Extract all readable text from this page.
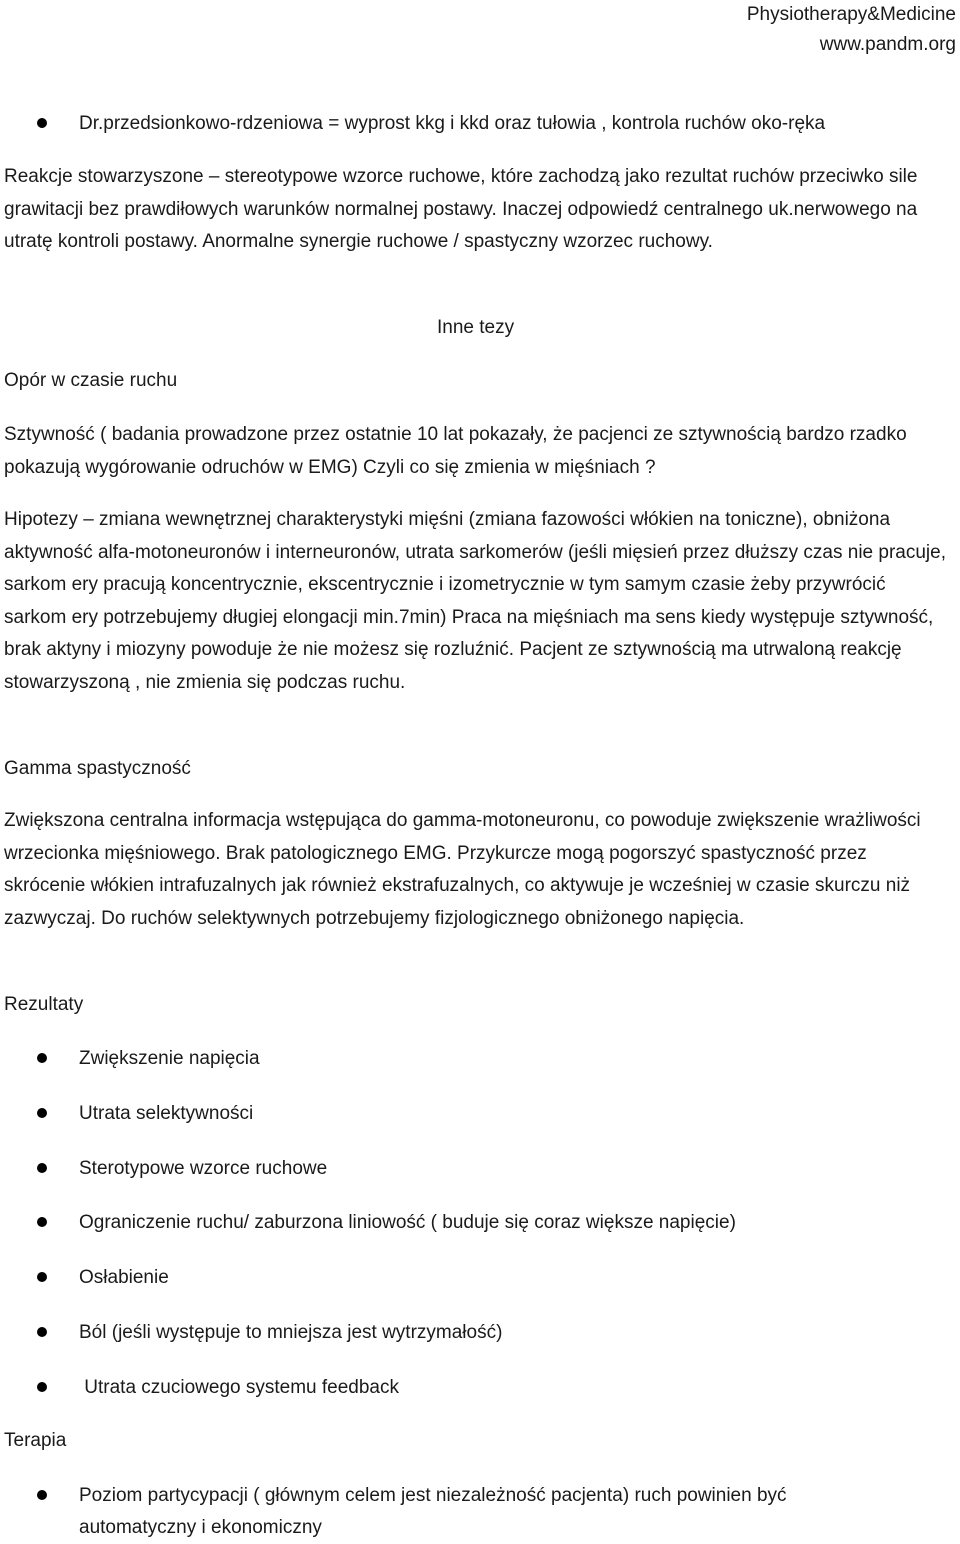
Physiotherapy&Medicine
www.pandm.org

Dr.przedsionkowo-rdzeniowa = wyprost kkg i kkd oraz tułowia , kontrola ruchów oko-ręka

Reakcje stowarzyszone – stereotypowe wzorce ruchowe, które zachodzą jako rezultat ruchów przeciwko sile grawitacji bez prawdiłowych warunków normalnej postawy. Inaczej odpowiedź centralnego uk.nerwowego na utratę kontroli postawy. Anormalne synergie ruchowe / spastyczny wzorzec ruchowy.

Inne tezy

Opór w czasie ruchu

Sztywność ( badania prowadzone przez ostatnie 10 lat pokazały, że pacjenci ze sztywnością bardzo rzadko pokazują wygórowanie odruchów w EMG) Czyli co się zmienia w mięśniach ?

Hipotezy – zmiana wewnętrznej charakterystyki mięśni (zmiana fazowości włókien na toniczne), obniżona aktywność alfa-motoneuronów i interneuronów, utrata sarkomerów (jeśli mięsień przez dłuższy czas nie pracuje, sarkom ery pracują koncentrycznie, ekscentrycznie i izometrycznie w tym samym czasie żeby przywrócić sarkom ery potrzebujemy długiej elongacji min.7min) Praca na mięśniach ma sens kiedy występuje sztywność, brak aktyny i miozyny powoduje że nie możesz się rozluźnić. Pacjent ze sztywnością ma utrwaloną reakcję stowarzyszoną , nie zmienia się podczas ruchu.

Gamma spastyczność

Zwiększona centralna informacja wstępująca do gamma-motoneuronu, co powoduje zwiększenie wrażliwości wrzecionka mięśniowego. Brak patologicznego EMG. Przykurcze mogą pogorszyć spastyczność przez skrócenie włókien intrafuzalnych jak również ekstrafuzalnych, co aktywuje je wcześniej w czasie skurczu niż zazwyczaj. Do ruchów selektywnych potrzebujemy fizjologicznego obniżonego napięcia.

Rezultaty

Zwiększenie napięcia

Utrata selektywności

Sterotypowe wzorce ruchowe

Ograniczenie ruchu/ zaburzona liniowość ( buduje się coraz większe napięcie)

Osłabienie

Ból (jeśli występuje to mniejsza jest wytrzymałość)

Utrata czuciowego systemu feedback

Terapia

Poziom partycypacji ( głównym celem jest niezależność pacjenta) ruch powinien być automatyczny i ekonomiczny
